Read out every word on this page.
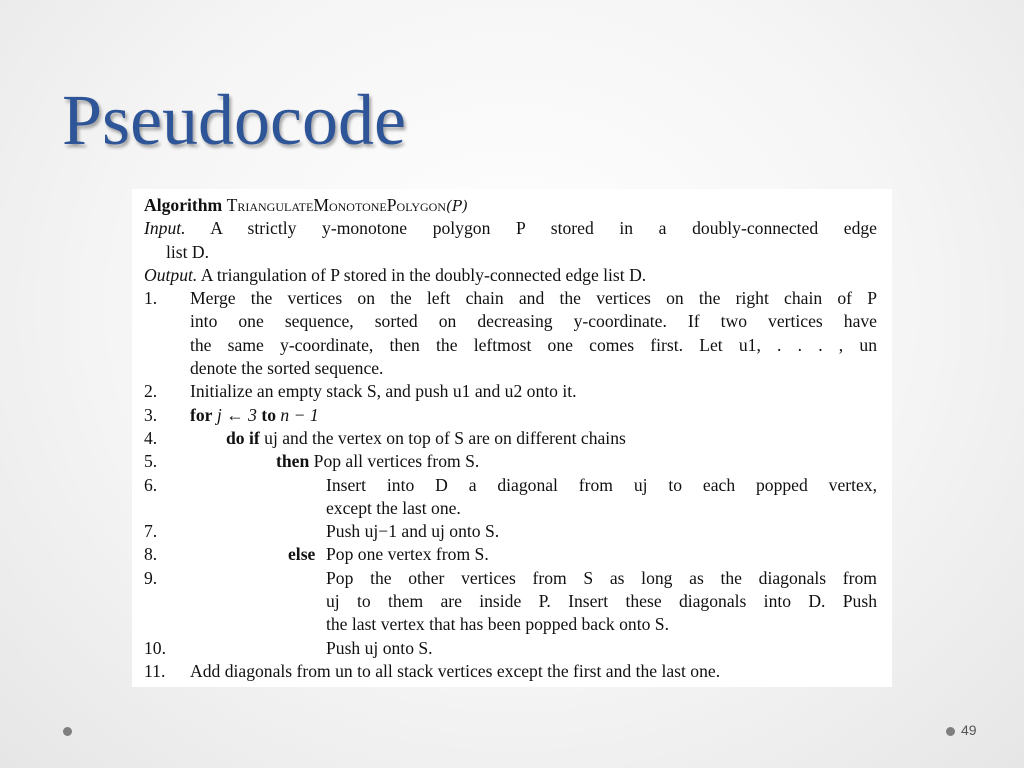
Pseudocode
Algorithm TriangulateMonotonePolygon(P)
Input. A strictly y-monotone polygon P stored in a doubly-connected edge
list D.
Output. A triangulation of P stored in the doubly-connected edge list D.
1. Merge the vertices on the left chain and the vertices on the right chain of P
into one sequence, sorted on decreasing y-coordinate. If two vertices have
the same y-coordinate, then the leftmost one comes first. Let u1, . . . , un
denote the sorted sequence.
2. Initialize an empty stack S, and push u1 and u2 onto it.
3. for j ← 3 to n − 1
4.	do if uj and the vertex on top of S are on different chains
5.	then Pop all vertices from S.
6.	Insert into D a diagonal from uj to each popped vertex,
except the last one.
7.	Push uj−1 and uj onto S.
8.	else Pop one vertex from S.
9.	Pop the other vertices from S as long as the diagonals from
uj to them are inside P. Insert these diagonals into D. Push
the last vertex that has been popped back onto S.
10.	Push uj onto S.
11. Add diagonals from un to all stack vertices except the first and the last one.
49
